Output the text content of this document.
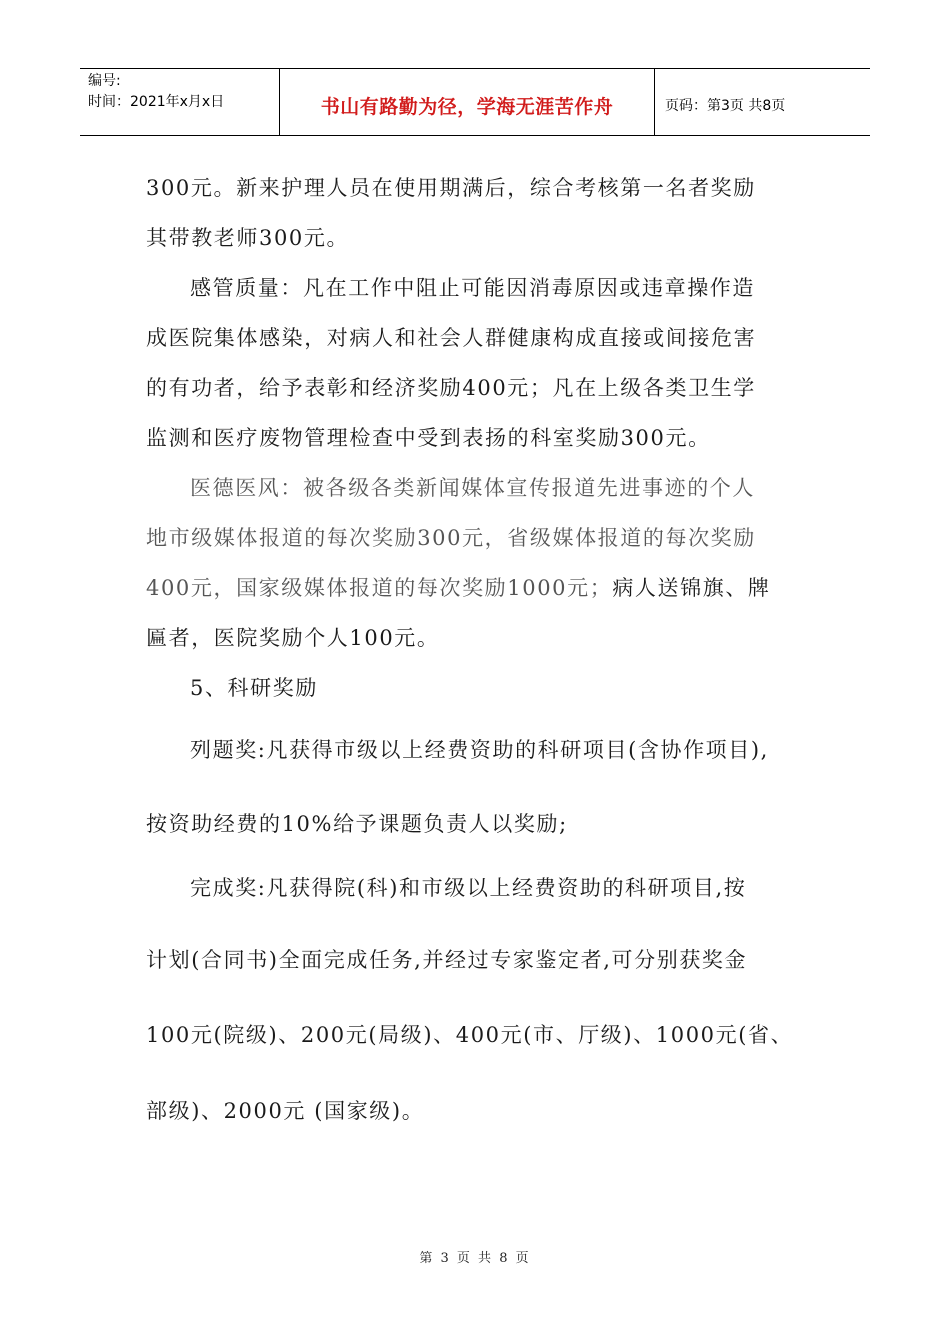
编号:
时间：2021年x月x日	书山有路勤为径，学海无涯苦作舟	页码：第3页 共8页

300元。新来护理人员在使用期满后，综合考核第一名者奖励

其带教老师300元。

感管质量：凡在工作中阻止可能因消毒原因或违章操作造

成医院集体感染，对病人和社会人群健康构成直接或间接危害

的有功者，给予表彰和经济奖励400元；凡在上级各类卫生学

监测和医疗废物管理检查中受到表扬的科室奖励300元。

医德医风：被各级各类新闻媒体宣传报道先进事迹的个人

地市级媒体报道的每次奖励300元，省级媒体报道的每次奖励

400元，国家级媒体报道的每次奖励1000元；病人送锦旗、牌

匾者，医院奖励个人100元。

5、科研奖励

列题奖:凡获得市级以上经费资助的科研项目(含协作项目),

按资助经费的10%给予课题负责人以奖励;

完成奖:凡获得院(科)和市级以上经费资助的科研项目,按

计划(合同书)全面完成任务,并经过专家鉴定者,可分别获奖金

100元(院级)、200元(局级)、400元(市、厅级)、1000元(省、

部级)、2000元 (国家级)。

第 3 页 共 8 页
